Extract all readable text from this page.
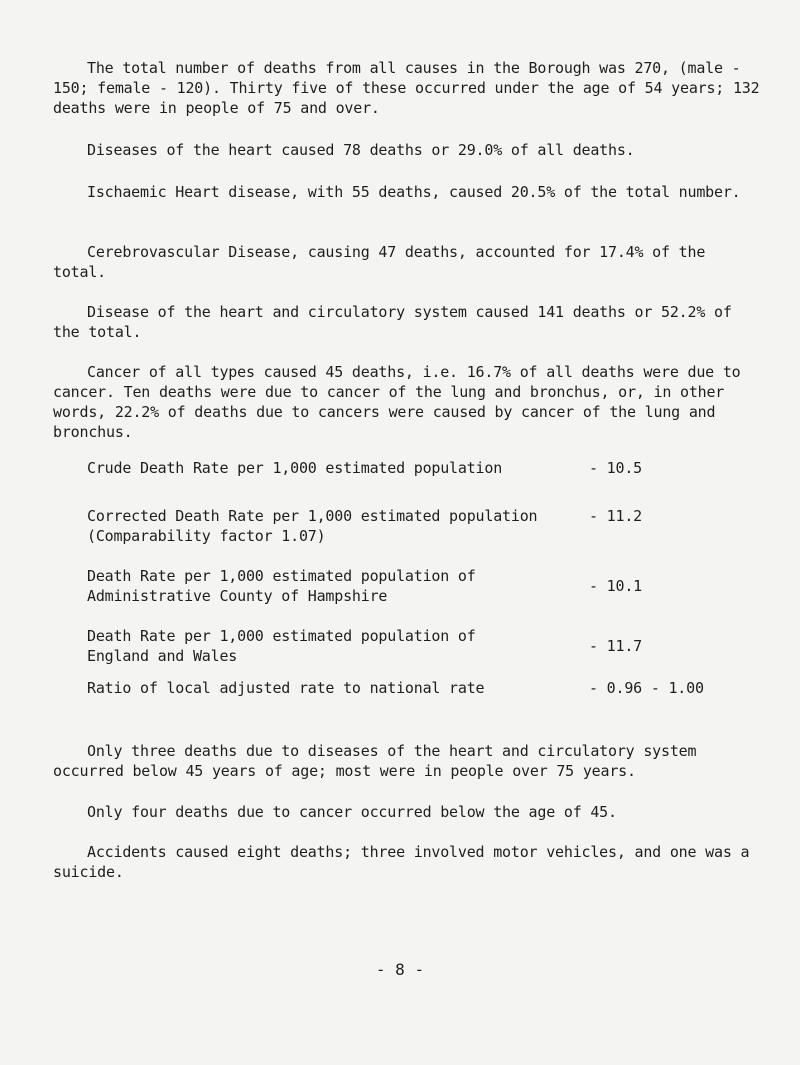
The total number of deaths from all causes in the Borough was 270, (male - 150; female - 120). Thirty five of these occurred under the age of 54 years; 132 deaths were in people of 75 and over.

Diseases of the heart caused 78 deaths or 29.0% of all deaths.

Ischaemic Heart disease, with 55 deaths, caused 20.5% of the total number.

Cerebrovascular Disease, causing 47 deaths, accounted for 17.4% of the total.

Disease of the heart and circulatory system caused 141 deaths or 52.2% of the total.

Cancer of all types caused 45 deaths, i.e. 16.7% of all deaths were due to cancer. Ten deaths were due to cancer of the lung and bronchus, or, in other words, 22.2% of deaths due to cancers were caused by cancer of the lung and bronchus.

Crude Death Rate per 1,000 estimated population	- 10.5
Corrected Death Rate per 1,000 estimated population
(Comparability factor 1.07)
- 11.2
Death Rate per 1,000 estimated population of
Administrative County of Hampshire
- 10.1
Death Rate per 1,000 estimated population of
England and Wales
- 11.7
Ratio of local adjusted rate to national rate	- 0.96 - 1.00

Only three deaths due to diseases of the heart and circulatory system occurred below 45 years of age; most were in people over 75 years.

Only four deaths due to cancer occurred below the age of 45.

Accidents caused eight deaths; three involved motor vehicles, and one was a suicide.

- 8 -
